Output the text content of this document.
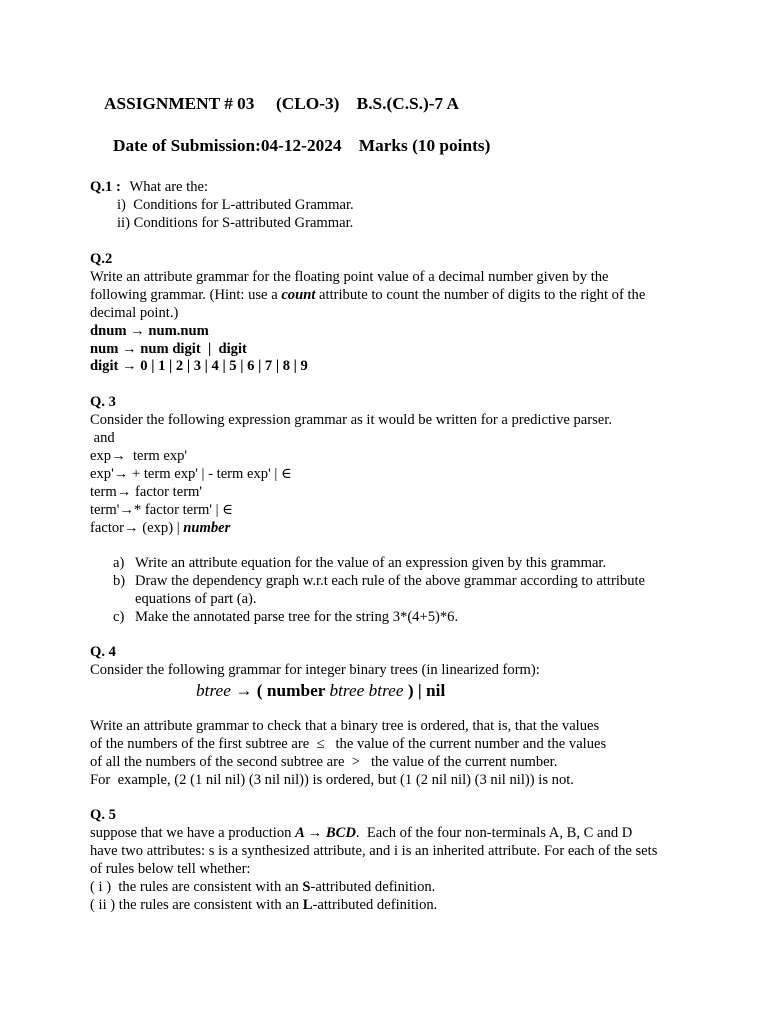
ASSIGNMENT # 03     (CLO-3)    B.S.(C.S.)-7 A
Date of Submission:04-12-2024    Marks (10 points)
Q.1 : What are the:
i)  Conditions for L-attributed Grammar.
ii) Conditions for S-attributed Grammar.
Q.2
Write an attribute grammar for the floating point value of a decimal number given by the
following grammar. (Hint: use a count attribute to count the number of digits to the right of the
decimal point.)
dnum → num.num
num → num digit  |  digit
digit → 0 | 1 | 2 | 3 | 4 | 5 | 6 | 7 | 8 | 9
Q. 3
Consider the following expression grammar as it would be written for a predictive parser.
and
exp→  term exp'
exp'→ + term exp' | - term exp' | ∈
term→ factor term'
term'→* factor term' | ∈
factor→ (exp) | number
a) Write an attribute equation for the value of an expression given by this grammar.
b) Draw the dependency graph w.r.t each rule of the above grammar according to attribute
equations of part (a).
c) Make the annotated parse tree for the string 3*(4+5)*6.
Q. 4
Consider the following grammar for integer binary trees (in linearized form):
btree → ( number btree btree ) | nil
Write an attribute grammar to check that a binary tree is ordered, that is, that the values
of the numbers of the first subtree are  ≤   the value of the current number and the values
of all the numbers of the second subtree are  >   the value of the current number.
For  example, (2 (1 nil nil) (3 nil nil)) is ordered, but (1 (2 nil nil) (3 nil nil)) is not.
Q. 5
suppose that we have a production A → BCD.  Each of the four non-terminals A, B, C and D
have two attributes: s is a synthesized attribute, and i is an inherited attribute. For each of the sets
of rules below tell whether:
( i )  the rules are consistent with an S-attributed definition.
( ii ) the rules are consistent with an L-attributed definition.
